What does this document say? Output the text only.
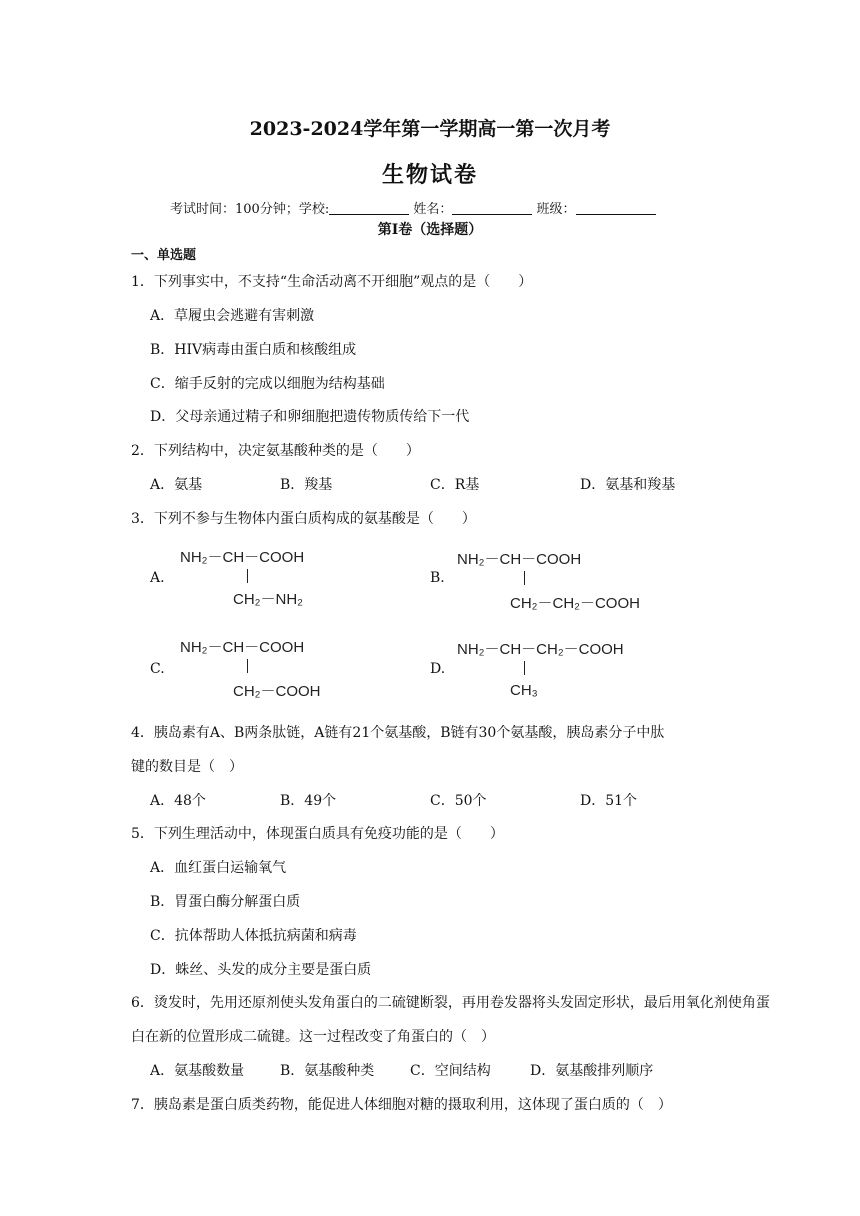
2023-2024学年第一学期高一第一次月考
生物试卷
考试时间：100分钟；学校:	姓名：	班级：
第I卷（选择题）
一、单选题
1．下列事实中，不支持“生命活动离不开细胞”观点的是（　　）
A．草履虫会逃避有害刺激
B．HIV病毒由蛋白质和核酸组成
C．缩手反射的完成以细胞为结构基础
D．父母亲通过精子和卵细胞把遗传物质传给下一代
2．下列结构中，决定氨基酸种类的是（　　）
A．氨基	B．羧基	C．R基	D．氨基和羧基
3．下列不参与生物体内蛋白质构成的氨基酸是（　　）
A.
NH₂－CH－COOH
CH₂－NH₂
B.
NH₂－CH－COOH
CH₂－CH₂－COOH
C.
NH₂－CH－COOH
CH₂－COOH
D.
NH₂－CH－CH₂－COOH
CH₃
4．胰岛素有A、B两条肽链，A链有21个氨基酸，B链有30个氨基酸，胰岛素分子中肽
键的数目是（　）
A．48个	B．49个	C．50个	D．51个
5．下列生理活动中，体现蛋白质具有免疫功能的是（　　）
A．血红蛋白运输氧气
B．胃蛋白酶分解蛋白质
C．抗体帮助人体抵抗病菌和病毒
D．蛛丝、头发的成分主要是蛋白质
6．烫发时，先用还原剂使头发角蛋白的二硫键断裂，再用卷发器将头发固定形状，最后用氧化剂使角蛋
白在新的位置形成二硫键。这一过程改变了角蛋白的（　）
A．氨基酸数量	B．氨基酸种类	C．空间结构	D．氨基酸排列顺序
7．胰岛素是蛋白质类药物，能促进人体细胞对糖的摄取利用，这体现了蛋白质的（　）
